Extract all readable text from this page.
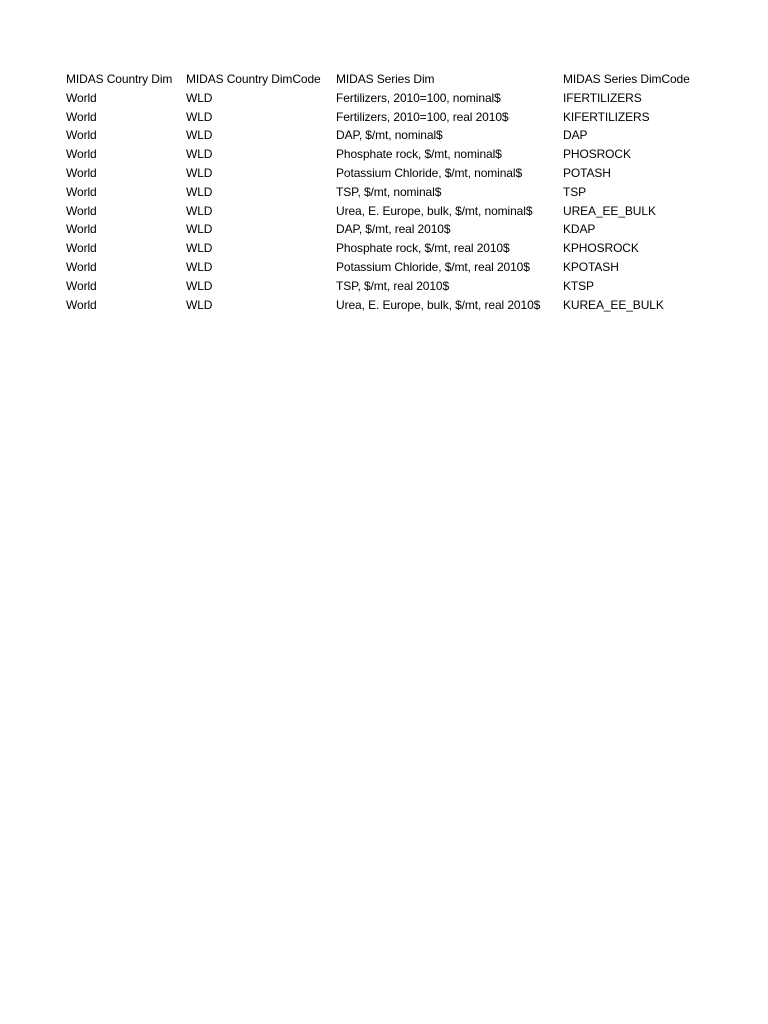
MIDAS Country Dim	MIDAS Country DimCode	MIDAS Series Dim	MIDAS Series DimCode
World	WLD	Fertilizers, 2010=100, nominal$	IFERTILIZERS
World	WLD	Fertilizers, 2010=100, real 2010$	KIFERTILIZERS
World	WLD	DAP, $/mt, nominal$	DAP
World	WLD	Phosphate rock, $/mt, nominal$	PHOSROCK
World	WLD	Potassium Chloride, $/mt, nominal$	POTASH
World	WLD	TSP, $/mt, nominal$	TSP
World	WLD	Urea, E. Europe, bulk, $/mt, nominal$	UREA_EE_BULK
World	WLD	DAP, $/mt, real 2010$	KDAP
World	WLD	Phosphate rock, $/mt, real 2010$	KPHOSROCK
World	WLD	Potassium Chloride, $/mt, real 2010$	KPOTASH
World	WLD	TSP, $/mt, real 2010$	KTSP
World	WLD	Urea, E. Europe, bulk, $/mt, real 2010$	KUREA_EE_BULK
